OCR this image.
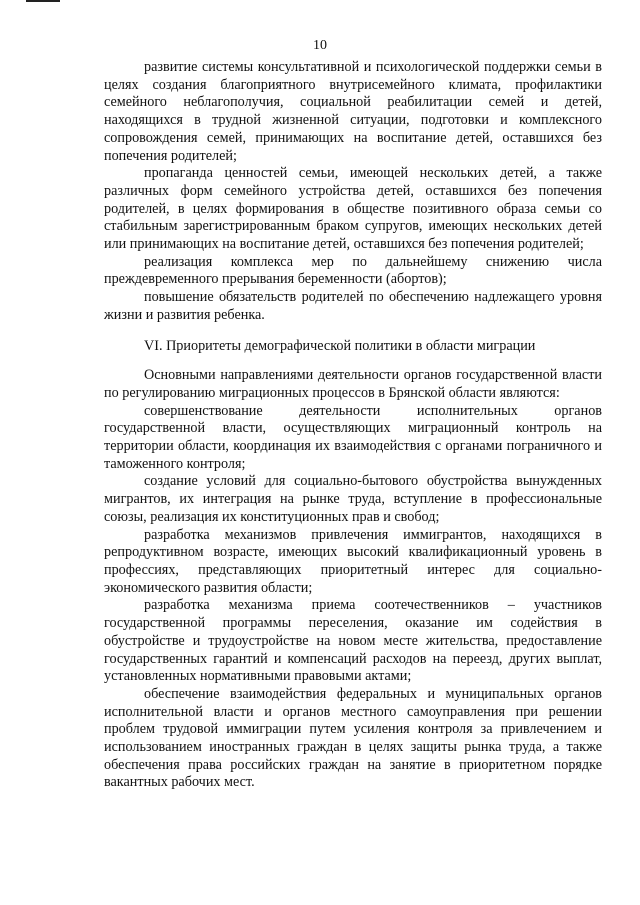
10

развитие системы консультативной и психологической поддержки семьи в целях создания благоприятного внутрисемейного климата, профилактики семейного неблагополучия, социальной реабилитации семей и детей, находящихся в трудной жизненной ситуации, подготовки и комплексного сопровождения семей, принимающих на воспитание детей, оставшихся без попечения родителей;

пропаганда ценностей семьи, имеющей нескольких детей, а также различных форм семейного устройства детей, оставшихся без попечения родителей, в целях формирования в обществе позитивного образа семьи со стабильным зарегистрированным браком супругов, имеющих нескольких детей или принимающих на воспитание детей, оставшихся без попечения родителей;

реализация комплекса мер по дальнейшему снижению числа преждевременного прерывания беременности (абортов);

повышение обязательств родителей по обеспечению надлежащего уровня жизни и развития ребенка.

VI. Приоритеты демографической политики в области миграции

Основными направлениями деятельности органов государственной власти по регулированию миграционных процессов в Брянской области являются:

совершенствование деятельности исполнительных органов государственной власти, осуществляющих миграционный контроль на территории области, координация их взаимодействия с органами пограничного и таможенного контроля;

создание условий для социально-бытового обустройства вынужденных мигрантов, их интеграция на рынке труда, вступление в профессиональные союзы, реализация их конституционных прав и свобод;

разработка механизмов привлечения иммигрантов, находящихся в репродуктивном возрасте, имеющих высокий квалификационный уровень в профессиях, представляющих приоритетный интерес для социально-экономического развития области;

разработка механизма приема соотечественников – участников государственной программы переселения, оказание им содействия в обустройстве и трудоустройстве на новом месте жительства, предоставление государственных гарантий и компенсаций расходов на переезд, других выплат, установленных нормативными правовыми актами;

обеспечение взаимодействия федеральных и муниципальных органов исполнительной власти и органов местного самоуправления при решении проблем трудовой иммиграции путем усиления контроля за привлечением и использованием иностранных граждан в целях защиты рынка труда, а также обеспечения права российских граждан на занятие в приоритетном порядке вакантных рабочих мест.
